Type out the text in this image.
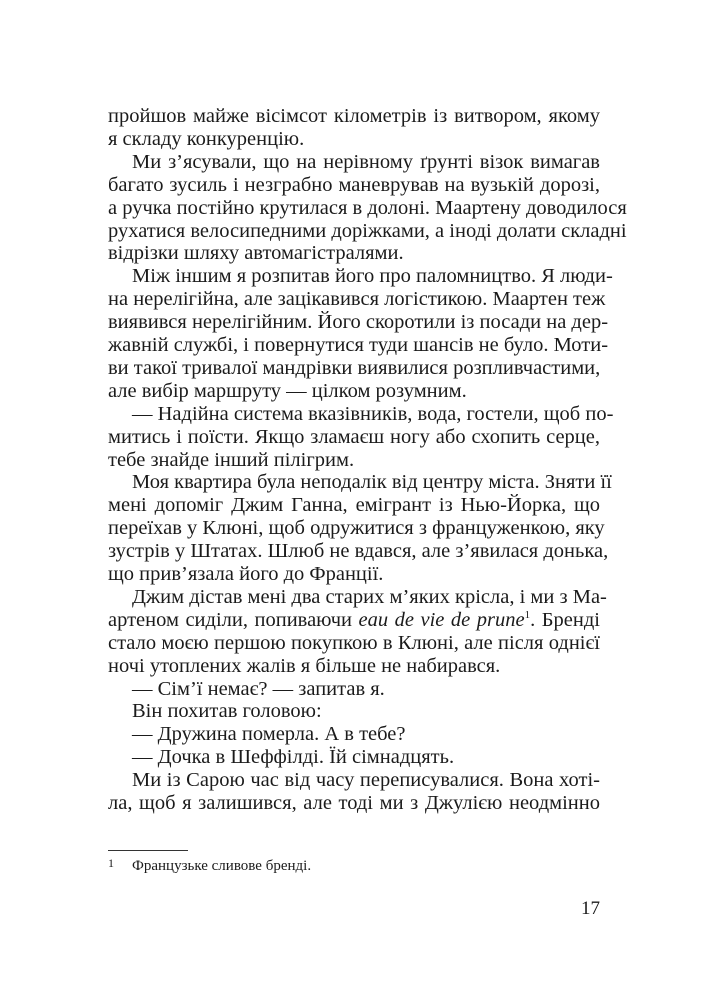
пройшов майже вісімсот кілометрів із витвором, якому
я складу конкуренцію.
Ми з’ясували, що на нерівному ґрунті візок вимагав
багато зусиль і незграбно маневрував на вузькій дорозі,
а ручка постійно крутилася в долоні. Маартену доводилося
рухатися велосипедними доріжками, а іноді долати складні
відрізки шляху автомагістралями.
Між іншим я розпитав його про паломництво. Я люди-
на нерелігійна, але зацікавився логістикою. Маартен теж
виявився нерелігійним. Його скоротили із посади на дер-
жавній службі, і повернутися туди шансів не було. Моти-
ви такої тривалої мандрівки виявилися розпливчастими,
але вибір маршруту — цілком розумним.
— Надійна система вказівників, вода, гостели, щоб по-
митись і поїсти. Якщо зламаєш ногу або схопить серце,
тебе знайде інший пілігрим.
Моя квартира була неподалік від центру міста. Зняти її
мені допоміг Джим Ганна, емігрант із Нью-Йорка, що
переїхав у Клюні, щоб одружитися з француженкою, яку
зустрів у Штатах. Шлюб не вдався, але з’явилася донька,
що прив’язала його до Франції.
Джим дістав мені два старих м’яких крісла, і ми з Ма-
артеном сиділи, попиваючи eau de vie de prune$^1$. Бренді
стало моєю першою покупкою в Клюні, але після однієї
ночі утоплених жалів я більше не набирався.
— Сім’ї немає? — запитав я.
Він похитав головою:
— Дружина померла. А в тебе?
— Дочка в Шеффілді. Їй сімнадцять.
Ми із Сарою час від часу переписувалися. Вона хоті-
ла, щоб я залишився, але тоді ми з Джулією неодмінно
1 Французьке сливове бренді.
17
